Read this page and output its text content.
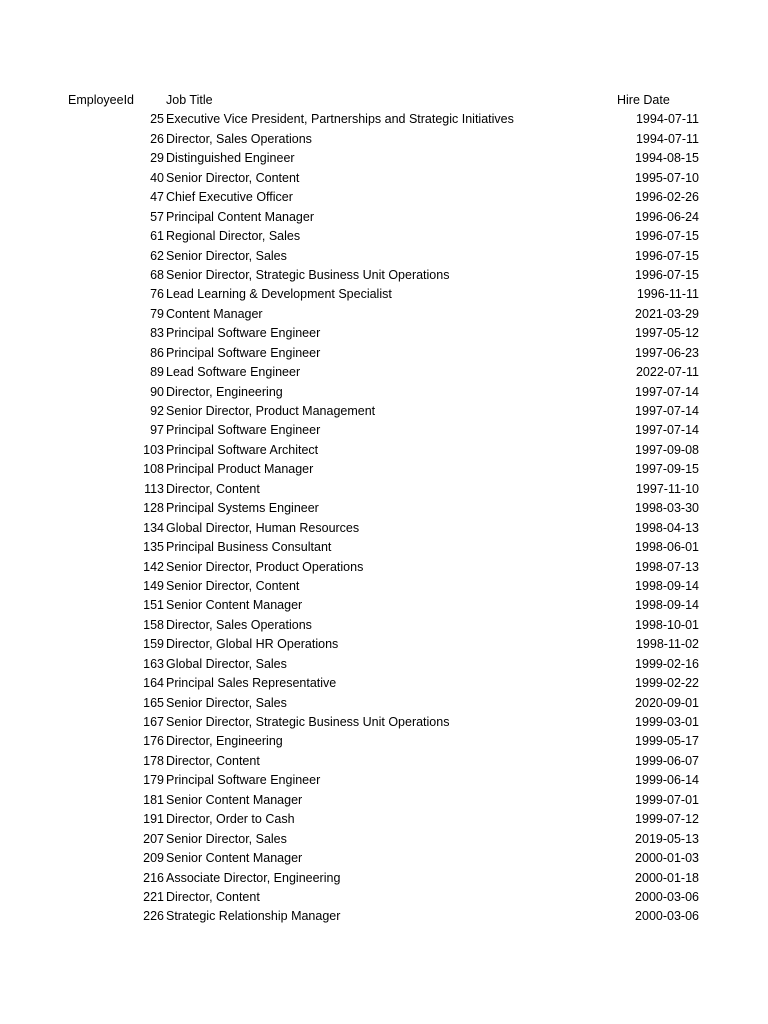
EmployeeId	Job Title	Hire Date
25 Executive Vice President, Partnerships and Strategic Initiatives	1994-07-11
26 Director, Sales Operations	1994-07-11
29 Distinguished Engineer	1994-08-15
40 Senior Director, Content	1995-07-10
47 Chief Executive Officer	1996-02-26
57 Principal Content Manager	1996-06-24
61 Regional Director, Sales	1996-07-15
62 Senior Director, Sales	1996-07-15
68 Senior Director, Strategic Business Unit Operations	1996-07-15
76 Lead Learning & Development Specialist	1996-11-11
79 Content Manager	2021-03-29
83 Principal Software Engineer	1997-05-12
86 Principal Software Engineer	1997-06-23
89 Lead Software Engineer	2022-07-11
90 Director, Engineering	1997-07-14
92 Senior Director, Product Management	1997-07-14
97 Principal Software Engineer	1997-07-14
103 Principal Software Architect	1997-09-08
108 Principal Product Manager	1997-09-15
113 Director, Content	1997-11-10
128 Principal Systems Engineer	1998-03-30
134 Global Director, Human Resources	1998-04-13
135 Principal Business Consultant	1998-06-01
142 Senior Director, Product Operations	1998-07-13
149 Senior Director, Content	1998-09-14
151 Senior Content Manager	1998-09-14
158 Director, Sales Operations	1998-10-01
159 Director, Global HR Operations	1998-11-02
163 Global Director, Sales	1999-02-16
164 Principal Sales Representative	1999-02-22
165 Senior Director, Sales	2020-09-01
167 Senior Director, Strategic Business Unit Operations	1999-03-01
176 Director, Engineering	1999-05-17
178 Director, Content	1999-06-07
179 Principal Software Engineer	1999-06-14
181 Senior Content Manager	1999-07-01
191 Director, Order to Cash	1999-07-12
207 Senior Director, Sales	2019-05-13
209 Senior Content Manager	2000-01-03
216 Associate Director, Engineering	2000-01-18
221 Director, Content	2000-03-06
226 Strategic Relationship Manager	2000-03-06
